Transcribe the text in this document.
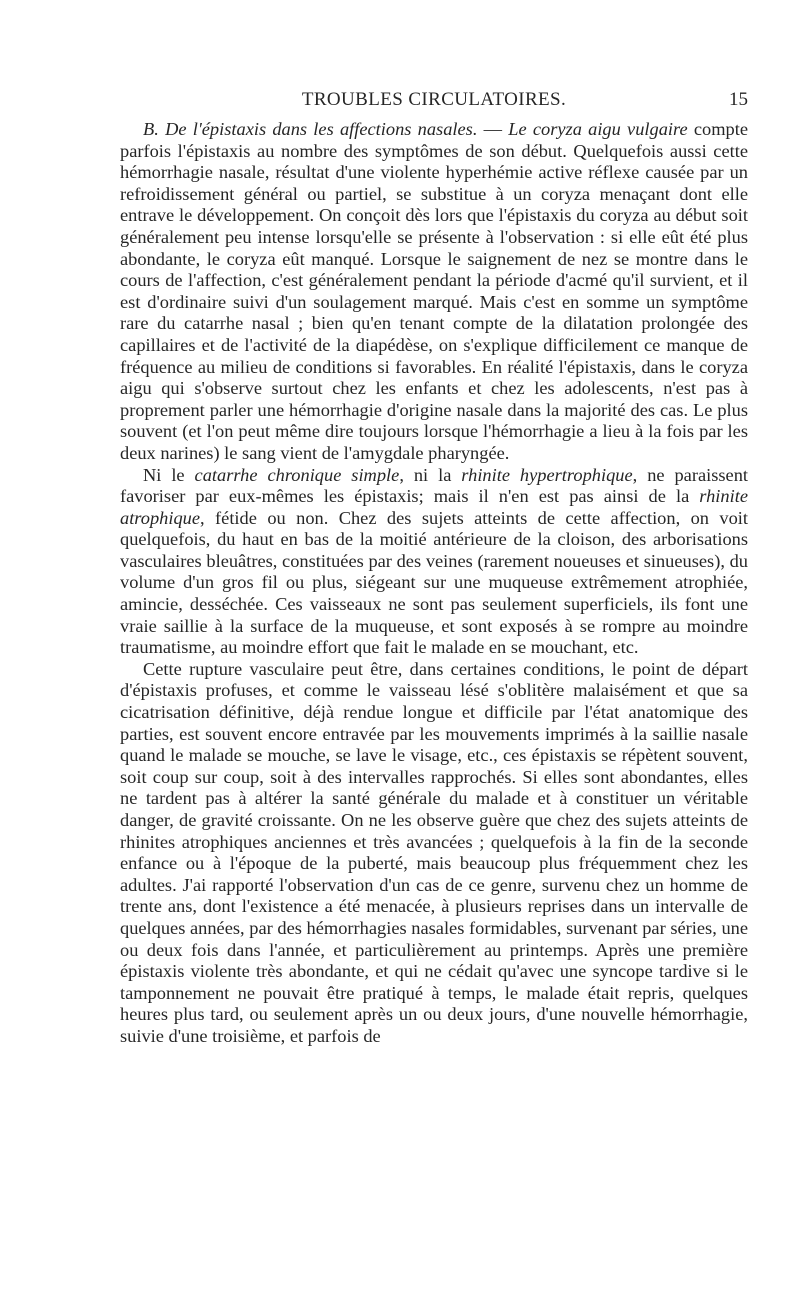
TROUBLES CIRCULATOIRES.	15

B. De l'épistaxis dans les affections nasales. — Le coryza aigu vulgaire compte parfois l'épistaxis au nombre des symptômes de son début. Quelquefois aussi cette hémorrhagie nasale, résultat d'une violente hyperhémie active réflexe causée par un refroidissement général ou partiel, se substitue à un coryza menaçant dont elle entrave le développement. On conçoit dès lors que l'épistaxis du coryza au début soit généralement peu intense lorsqu'elle se présente à l'observation : si elle eût été plus abondante, le coryza eût manqué. Lorsque le saignement de nez se montre dans le cours de l'affection, c'est généralement pendant la période d'acmé qu'il survient, et il est d'ordinaire suivi d'un soulagement marqué. Mais c'est en somme un symptôme rare du catarrhe nasal ; bien qu'en tenant compte de la dilatation prolongée des capillaires et de l'activité de la diapédèse, on s'explique difficilement ce manque de fréquence au milieu de conditions si favorables. En réalité l'épistaxis, dans le coryza aigu qui s'observe surtout chez les enfants et chez les adolescents, n'est pas à proprement parler une hémorrhagie d'origine nasale dans la majorité des cas. Le plus souvent (et l'on peut même dire toujours lorsque l'hémorrhagie a lieu à la fois par les deux narines) le sang vient de l'amygdale pharyngée.

Ni le catarrhe chronique simple, ni la rhinite hypertrophique, ne paraissent favoriser par eux-mêmes les épistaxis; mais il n'en est pas ainsi de la rhinite atrophique, fétide ou non. Chez des sujets atteints de cette affection, on voit quelquefois, du haut en bas de la moitié antérieure de la cloison, des arborisations vasculaires bleuâtres, constituées par des veines (rarement noueuses et sinueuses), du volume d'un gros fil ou plus, siégeant sur une muqueuse extrêmement atrophiée, amincie, desséchée. Ces vaisseaux ne sont pas seulement superficiels, ils font une vraie saillie à la surface de la muqueuse, et sont exposés à se rompre au moindre traumatisme, au moindre effort que fait le malade en se mouchant, etc.

Cette rupture vasculaire peut être, dans certaines conditions, le point de départ d'épistaxis profuses, et comme le vaisseau lésé s'oblitère malaisément et que sa cicatrisation définitive, déjà rendue longue et difficile par l'état anatomique des parties, est souvent encore entravée par les mouvements imprimés à la saillie nasale quand le malade se mouche, se lave le visage, etc., ces épistaxis se répètent souvent, soit coup sur coup, soit à des intervalles rapprochés. Si elles sont abondantes, elles ne tardent pas à altérer la santé générale du malade et à constituer un véritable danger, de gravité croissante. On ne les observe guère que chez des sujets atteints de rhinites atrophiques anciennes et très avancées ; quelquefois à la fin de la seconde enfance ou à l'époque de la puberté, mais beaucoup plus fréquemment chez les adultes. J'ai rapporté l'observation d'un cas de ce genre, survenu chez un homme de trente ans, dont l'existence a été menacée, à plusieurs reprises dans un intervalle de quelques années, par des hémorrhagies nasales formidables, survenant par séries, une ou deux fois dans l'année, et particulièrement au printemps. Après une première épistaxis violente très abondante, et qui ne cédait qu'avec une syncope tardive si le tamponnement ne pouvait être pratiqué à temps, le malade était repris, quelques heures plus tard, ou seulement après un ou deux jours, d'une nouvelle hémorrhagie, suivie d'une troisième, et parfois de
